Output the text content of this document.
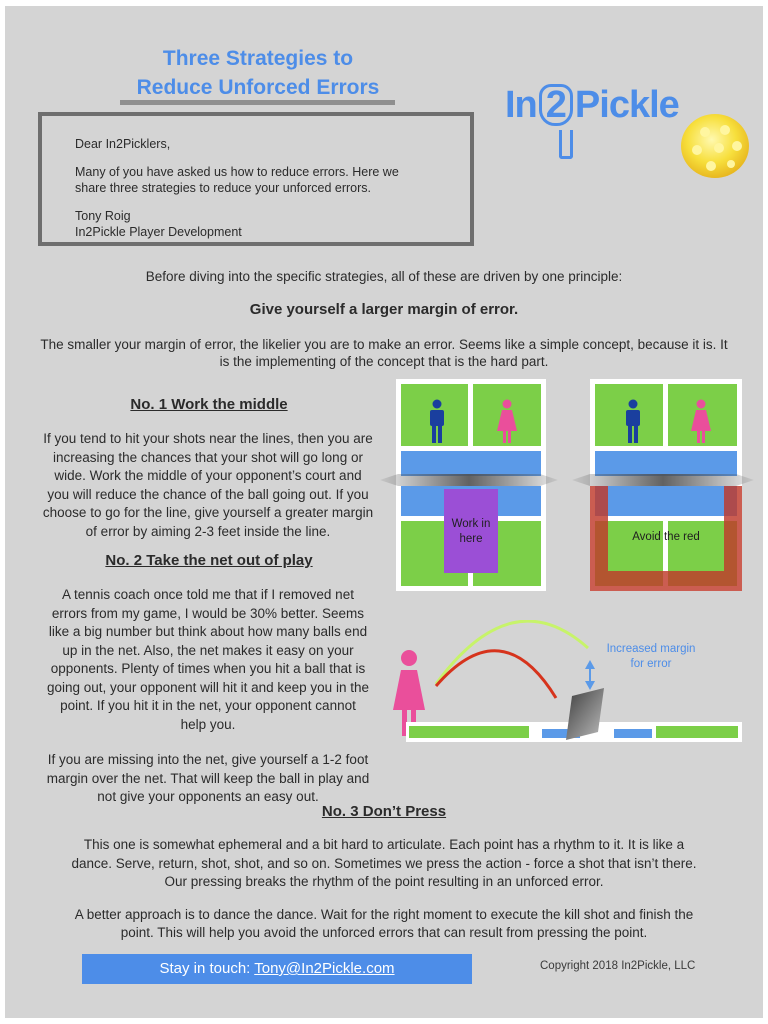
Three Strategies to
Reduce Unforced Errors	In 2 Pickle

Dear In2Picklers,

Many of you have asked us how to reduce errors. Here we

share three strategies to reduce your unforced errors.

Tony Roig

In2Pickle Player Development

Before diving into the specific strategies, all of these are driven by one principle:
Give yourself a larger margin of error.
The smaller your margin of error, the likelier you are to make an error. Seems like a simple concept, because it is. It
is the implementing of the concept that is the hard part.
No. 1 Work the middle
If you tend to hit your shots near the lines, then you are
increasing the chances that your shot will go long or
wide. Work the middle of your opponent’s court and
you will reduce the chance of the ball going out. If you
choose to go for the line, give yourself a greater margin
of error by aiming 2-3 feet inside the line.
No. 2 Take the net out of play
A tennis coach once told me that if I removed net
errors from my game, I would be 30% better. Seems
like a big number but think about how many balls end
up in the net. Also, the net makes it easy on your
opponents. Plenty of times when you hit a ball that is
going out, your opponent will hit it and keep you in the
point. If you hit it in the net, your opponent cannot
help you.
If you are missing into the net, give yourself a 1-2 foot
margin over the net. That will keep the ball in play and
not give your opponents an easy out.
Work in
here	Avoid the red
Increased margin
for error
No. 3 Don’t Press
This one is somewhat ephemeral and a bit hard to articulate. Each point has a rhythm to it. It is like a
dance. Serve, return, shot, shot, and so on. Sometimes we press the action - force a shot that isn’t there.
Our pressing breaks the rhythm of the point resulting in an unforced error.
A better approach is to dance the dance. Wait for the right moment to execute the kill shot and finish the
point. This will help you avoid the unforced errors that can result from pressing the point.
Stay in touch: Tony@In2Pickle.com	Copyright 2018 In2Pickle, LLC
